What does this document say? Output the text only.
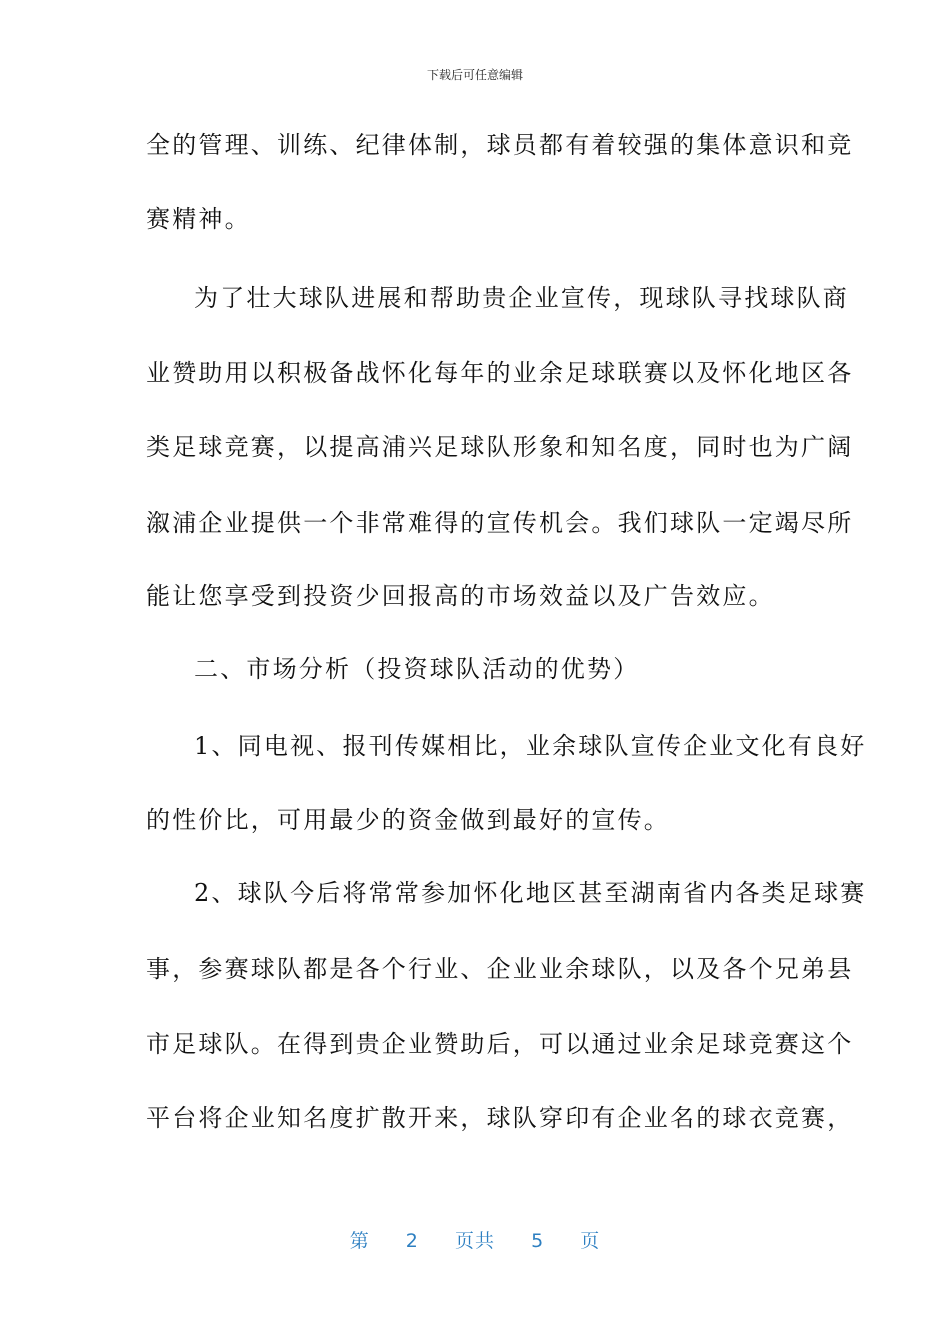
下载后可任意编辑
全的管理、训练、纪律体制，球员都有着较强的集体意识和竞
赛精神。
为了壮大球队进展和帮助贵企业宣传，现球队寻找球队商
业赞助用以积极备战怀化每年的业余足球联赛以及怀化地区各
类足球竞赛，以提高浦兴足球队形象和知名度，同时也为广阔
溆浦企业提供一个非常难得的宣传机会。我们球队一定竭尽所
能让您享受到投资少回报高的市场效益以及广告效应。
二、市场分析（投资球队活动的优势）
1、同电视、报刊传媒相比，业余球队宣传企业文化有良好
的性价比，可用最少的资金做到最好的宣传。
2、球队今后将常常参加怀化地区甚至湖南省内各类足球赛
事，参赛球队都是各个行业、企业业余球队，以及各个兄弟县
市足球队。在得到贵企业赞助后，可以通过业余足球竞赛这个
平台将企业知名度扩散开来，球队穿印有企业名的球衣竞赛，
第 2 页共 5 页
